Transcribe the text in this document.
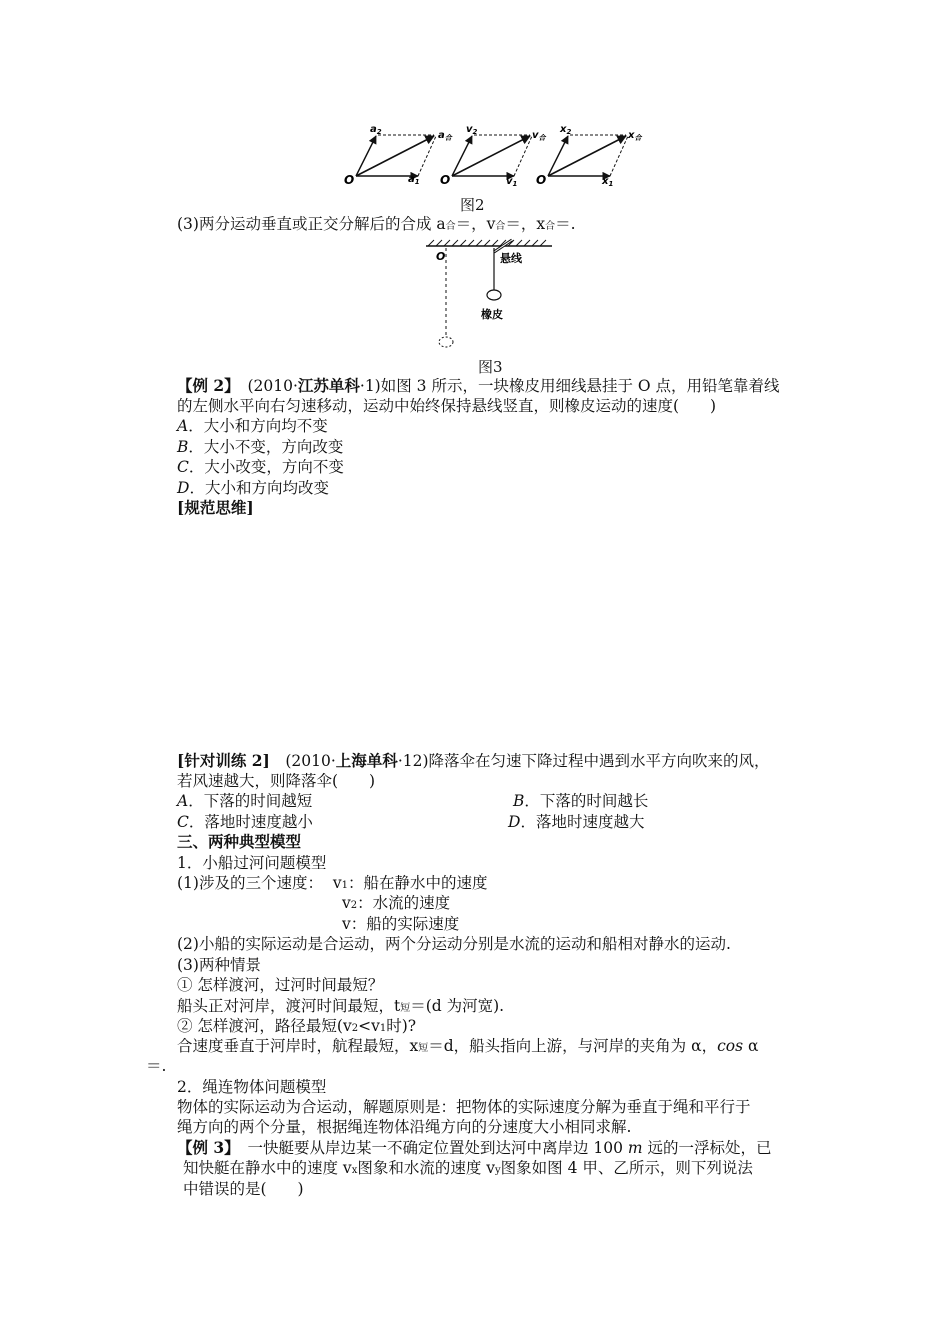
O
$a_2$	$a_合$
$a_1$ O
$v_2$	$v_合$
$v_1$ O
$x_2$	$x_合$
$x_1$
图2
(3)两分运动垂直或正交分解后的合成 a合＝，v合＝，x合＝.
O	悬线
橡皮
图3
【例 2】　 (2010·江苏单科·1)如图 3 所示，一块橡皮用细线悬挂于 O 点，用铅笔靠着线
的左侧水平向右匀速移动，运动中始终保持悬线竖直，则橡皮运动的速度(　　)
A．大小和方向均不变
B．大小不变，方向改变
C．大小改变，方向不变
D．大小和方向均改变
[规范思维]
[针对训练 2]　 (2010·上海单科·12)降落伞在匀速下降过程中遇到水平方向吹来的风，
若风速越大，则降落伞(　　)
A．下落的时间越短	B．下落的时间越长
C．落地时速度越小	D．落地时速度越大
三、两种典型模型
1．小船过河问题模型
(1)涉及的三个速度： v1：船在静水中的速度
v2：水流的速度
v：船的实际速度
(2)小船的实际运动是合运动，两个分运动分别是水流的运动和船相对静水的运动.
(3)两种情景
① 怎样渡河，过河时间最短？
船头正对河岸，渡河时间最短，t短＝(d 为河宽).
② 怎样渡河，路径最短(v2<v1时)?
合速度垂直于河岸时，航程最短，x短＝d，船头指向上游，与河岸的夹角为 α，cos α
＝.
2．绳连物体问题模型
物体的实际运动为合运动，解题原则是：把物体的实际速度分解为垂直于绳和平行于
绳方向的两个分量，根据绳连物体沿绳方向的分速度大小相同求解.
【例 3】　一快艇要从岸边某一不确定位置处到达河中离岸边 100 m 远的一浮标处，已
知快艇在静水中的速度 vx图象和水流的速度 vy图象如图 4 甲、乙所示，则下列说法
中错误的是(　　)
